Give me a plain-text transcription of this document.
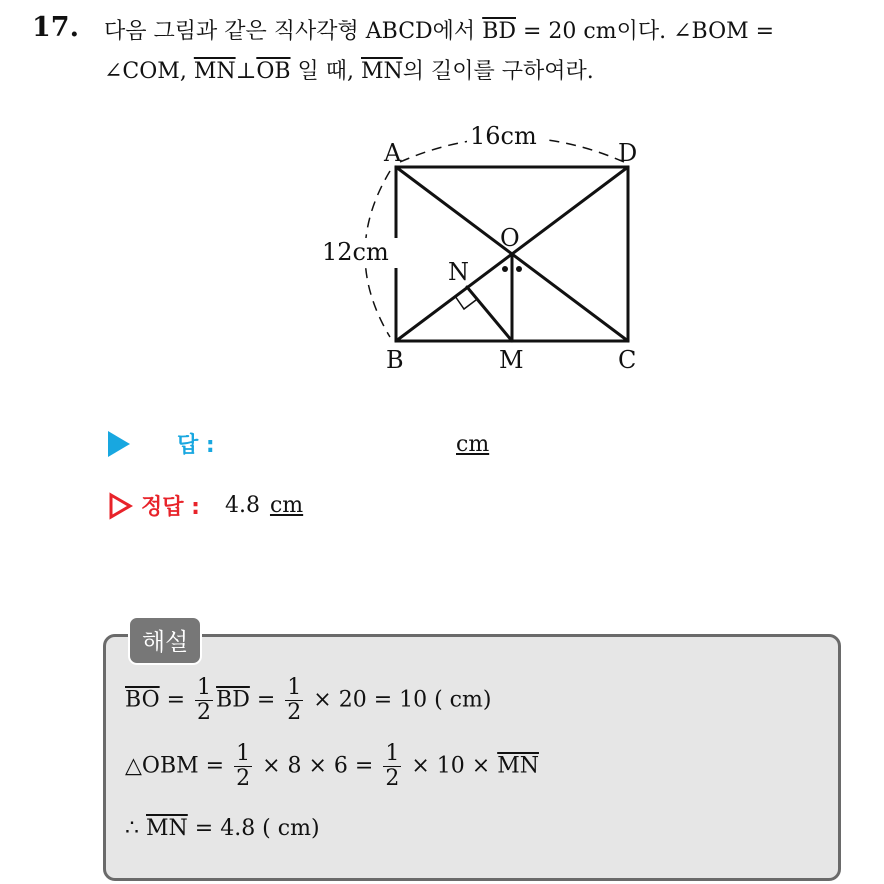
17. 다음 그림과 같은 직사각형 ABCD에서 $\overline{BD} = 20$ cm이다. ∠BOM =
∠COM, $\overline{MN}\perp\overline{OB}$ 일 때, $\overline{MN}$의 길이를 구하여라.
A	D
B	M	C
O
N
16cm
12cm
답 :	cm
정답 : 4.8 cm
해설
$\overline{BO} = \frac{1}{2} \overline{BD} = \frac{1}{2} \times 20 = 10$ ( cm)
△OBM = $\frac{1}{2} \times 8 \times 6 = \frac{1}{2} \times 10 \times \overline{MN}$
∴ $\overline{MN} = 4.8$ ( cm)
